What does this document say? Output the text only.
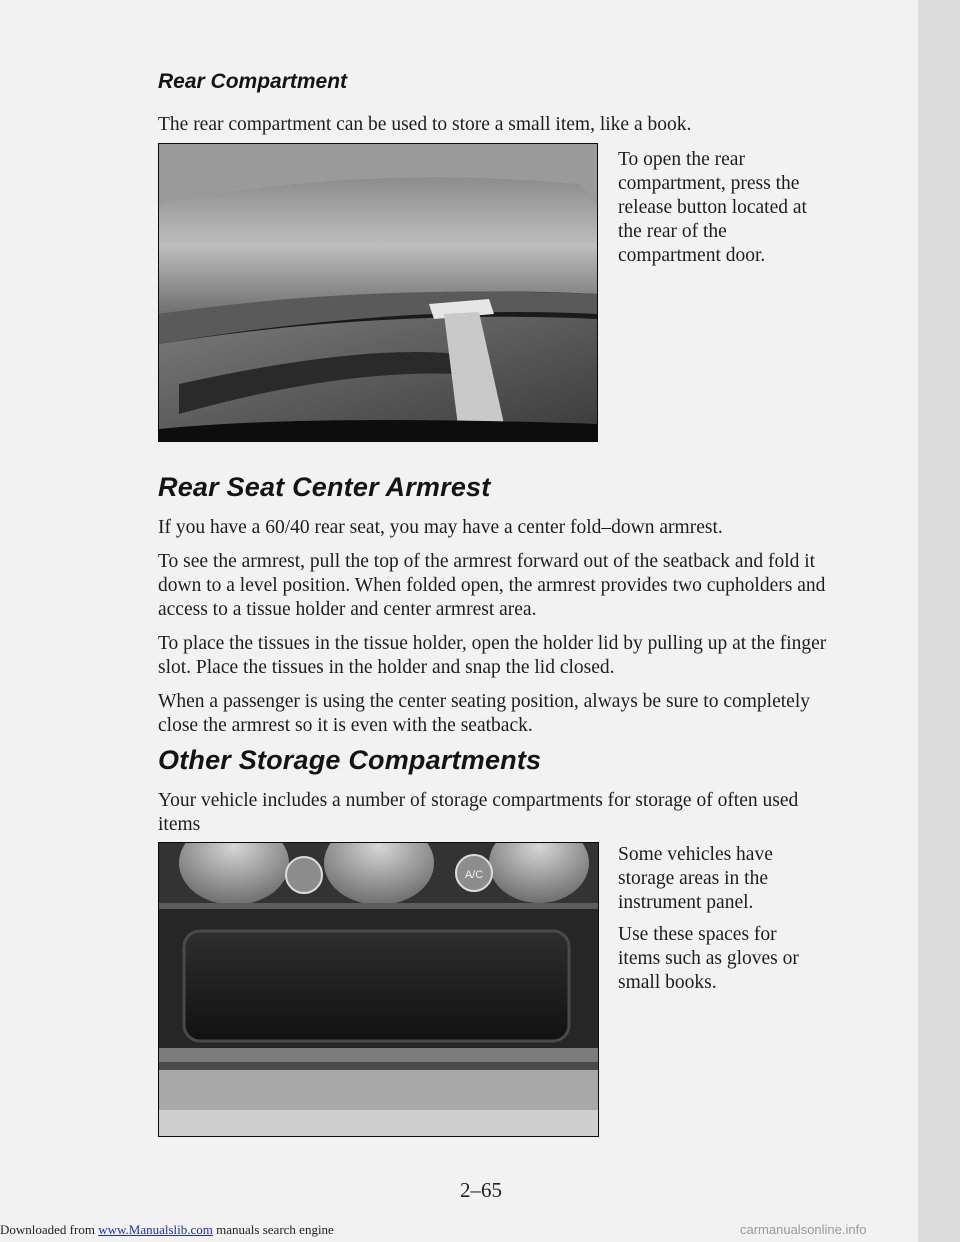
Rear Compartment

The rear compartment can be used to store a small item, like a book.

To open the rear compartment, press the release button located at the rear of the compartment door.

Rear Seat Center Armrest

If you have a 60/40 rear seat, you may have a center fold–down armrest.

To see the armrest, pull the top of the armrest forward out of the seatback and fold it down to a level position. When folded open, the armrest provides two cupholders and access to a tissue holder and center armrest area.

To place the tissues in the tissue holder, open the holder lid by pulling up at the finger slot. Place the tissues in the holder and snap the lid closed.

When a passenger is using the center seating position, always be sure to completely close the armrest so it is even with the seatback.

Other Storage Compartments

Your vehicle includes a number of storage compartments for storage of often used items

A/C

Some vehicles have storage areas in the instrument panel.

Use these spaces for items such as gloves or small books.

2–65
Downloaded from www.Manualslib.com manuals search engine	carmanualsonline.info
